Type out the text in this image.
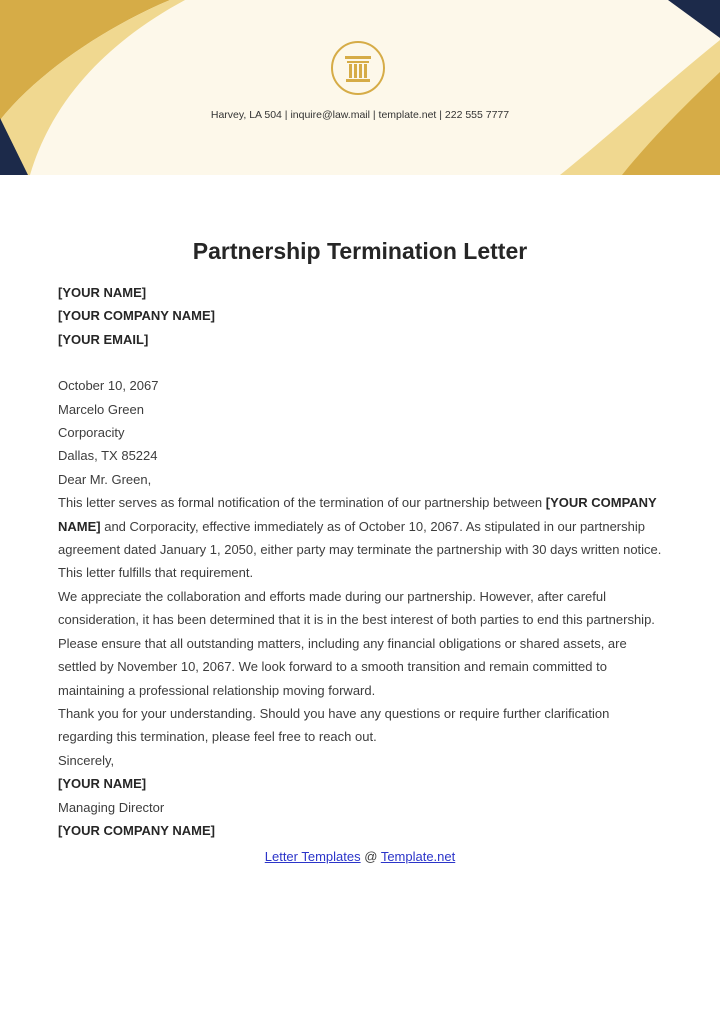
Harvey, LA 504 | inquire@law.mail | template.net | 222 555 7777
Partnership Termination Letter

[YOUR NAME]

[YOUR COMPANY NAME]

[YOUR EMAIL]

October 10, 2067

Marcelo Green

Corporacity

Dallas, TX 85224

Dear Mr. Green,

This letter serves as formal notification of the termination of our partnership between [YOUR COMPANY NAME] and Corporacity, effective immediately as of October 10, 2067. As stipulated in our partnership agreement dated January 1, 2050, either party may terminate the partnership with 30 days written notice. This letter fulfills that requirement.

We appreciate the collaboration and efforts made during our partnership. However, after careful consideration, it has been determined that it is in the best interest of both parties to end this partnership. Please ensure that all outstanding matters, including any financial obligations or shared assets, are settled by November 10, 2067. We look forward to a smooth transition and remain committed to maintaining a professional relationship moving forward.

Thank you for your understanding. Should you have any questions or require further clarification regarding this termination, please feel free to reach out.

Sincerely,

[YOUR NAME]

Managing Director

[YOUR COMPANY NAME]

Letter Templates @ Template.net
